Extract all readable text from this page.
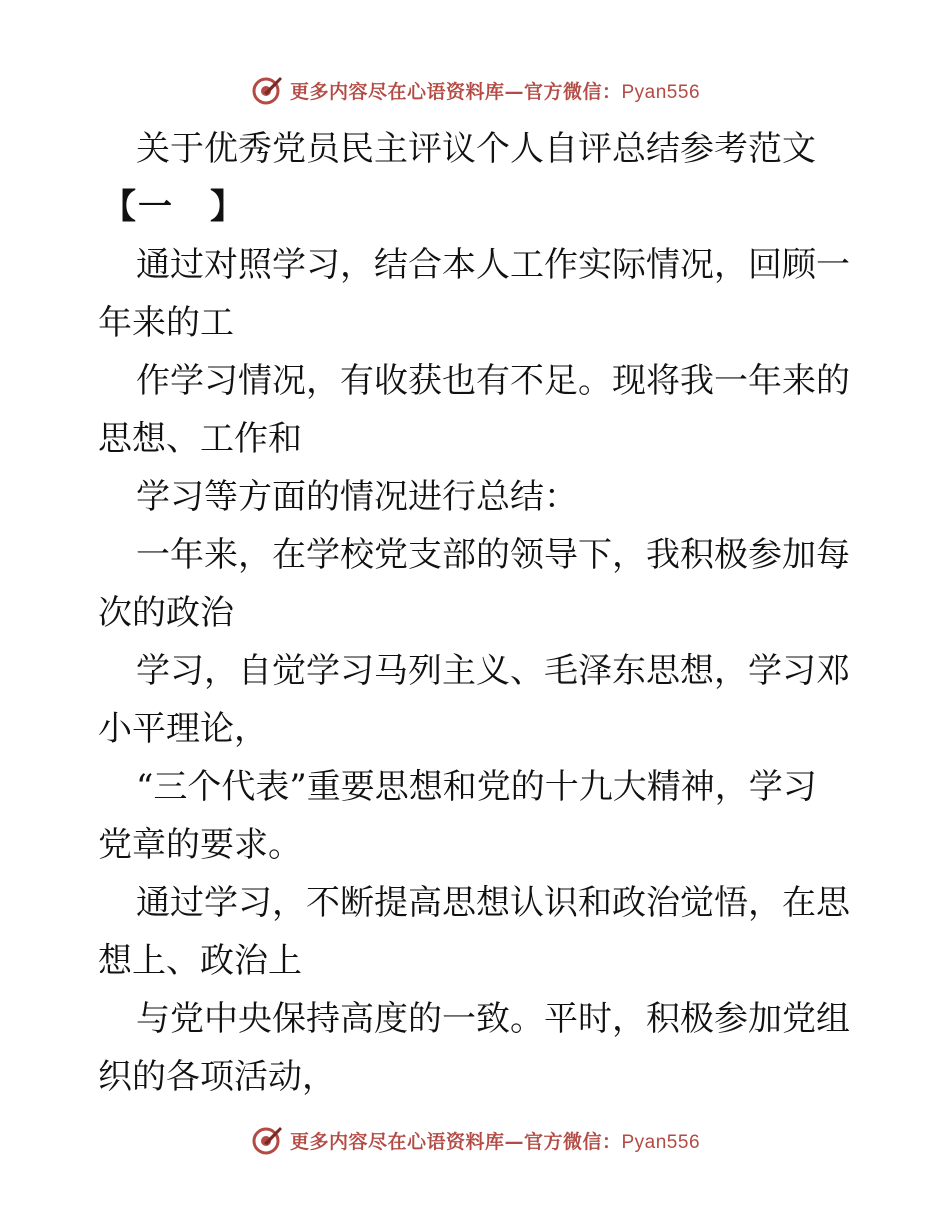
更多内容尽在心语资料库—官方微信：Pyan556
关于优秀党员民主评议个人自评总结参考范文
【一　】
通过对照学习，结合本人工作实际情况，回顾一
年来的工
作学习情况，有收获也有不足。现将我一年来的
思想、工作和
学习等方面的情况进行总结：
一年来，在学校党支部的领导下，我积极参加每
次的政治
学习，自觉学习马列主义、毛泽东思想，学习邓
小平理论，
“三个代表”重要思想和党的十九大精神，学习
党章的要求。
通过学习，不断提高思想认识和政治觉悟，在思
想上、政治上
与党中央保持高度的一致。平时，积极参加党组
织的各项活动，
更多内容尽在心语资料库—官方微信：Pyan556
